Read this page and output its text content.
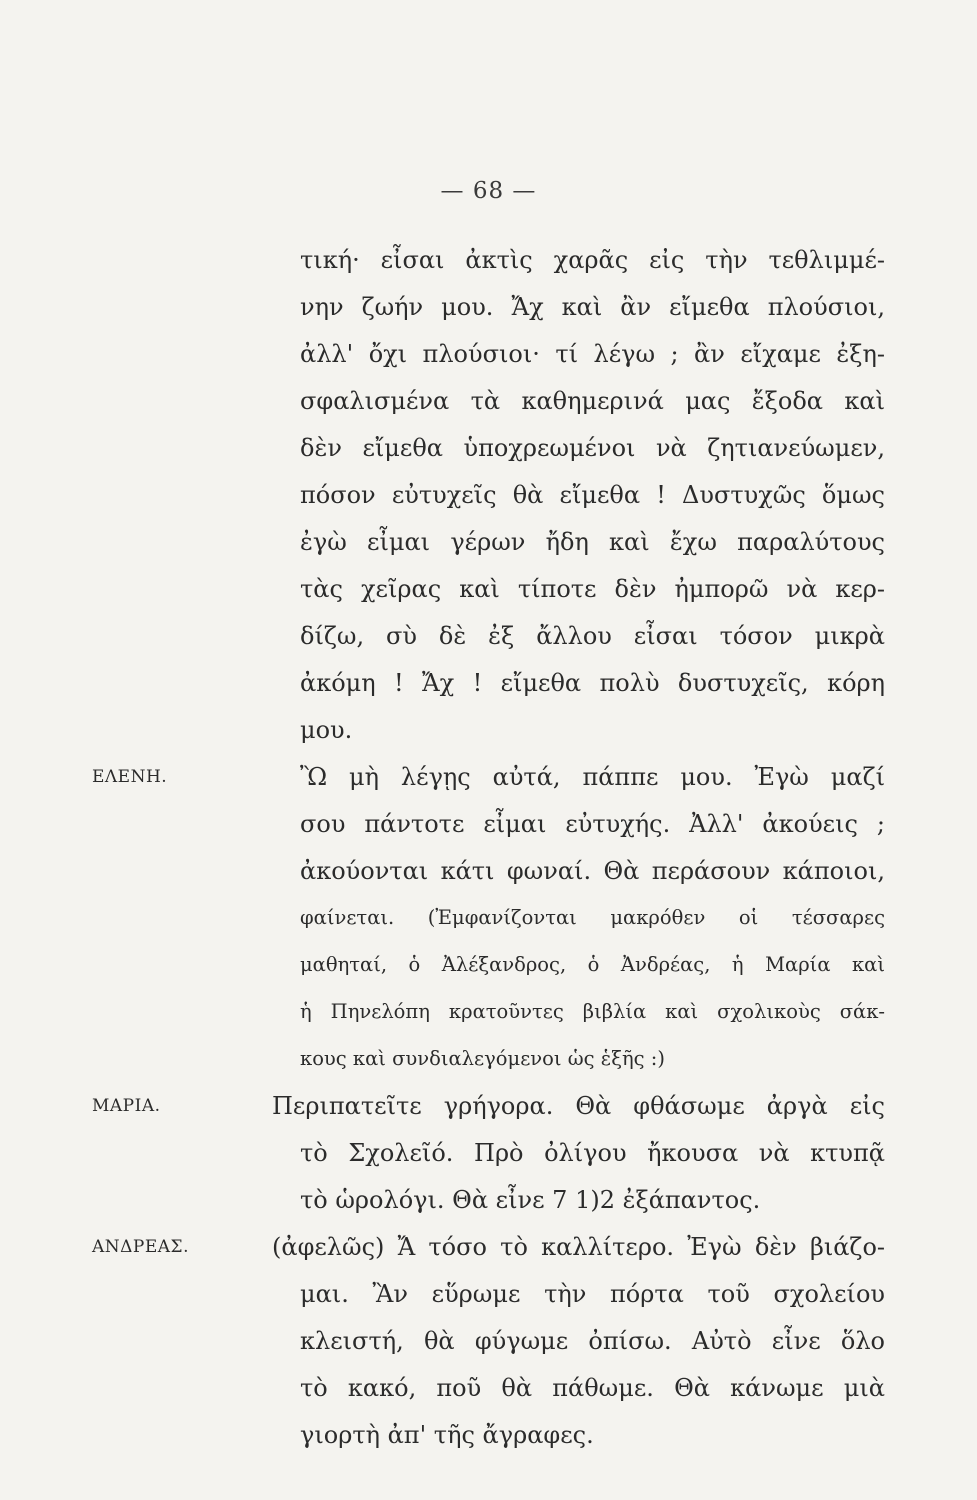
— 68 —
τική· εἶσαι ἀκτὶς χαρᾶς εἰς τὴν τεθλιμμέ-
νην ζωήν μου. Ἄχ καὶ ἂν εἴμεθα πλούσιοι,
ἀλλ' ὄχι πλούσιοι· τί λέγω ; ἂν εἴχαμε ἐξη-
σφαλισμένα τὰ καθημερινά μας ἔξοδα καὶ
δὲν εἴμεθα ὑποχρεωμένοι νὰ ζητιανεύωμεν,
πόσον εὐτυχεῖς θὰ εἴμεθα ! Δυστυχῶς ὅμως
ἐγὼ εἶμαι γέρων ἤδη καὶ ἔχω παραλύτους
τὰς χεῖρας καὶ τίποτε δὲν ἠμπορῶ νὰ κερ-
δίζω, σὺ δὲ ἐξ ἄλλου εἶσαι τόσον μικρὰ
ἀκόμη ! Ἄχ ! εἴμεθα πολὺ δυστυχεῖς, κόρη
μου.
ΕΛΕΝΗ.	Ὢ μὴ λέγῃς αὐτά, πάππε μου. Ἐγὼ μαζί
σου πάντοτε εἶμαι εὐτυχής. Ἀλλ' ἀκούεις ;
ἀκούονται κάτι φωναί. Θὰ περάσουν κάποιοι,
φαίνεται. (Ἐμφανίζονται μακρόθεν οἱ τέσσαρες
μαθηταί, ὁ Ἀλέξανδρος, ὁ Ἀνδρέας, ἡ Μαρία καὶ
ἡ Πηνελόπη κρατοῦντες βιβλία καὶ σχολικοὺς σάκ-
κους καὶ συνδιαλεγόμενοι ὡς ἑξῆς :)
ΜΑΡΙΑ.	Περιπατεῖτε γρήγορα. Θὰ φθάσωμε ἀργὰ εἰς
τὸ Σχολεῖό. Πρὸ ὀλίγου ἤκουσα νὰ κτυπᾷ
τὸ ὡρολόγι. Θὰ εἶνε 7 1)2 ἐξάπαντος.
ΑΝΔΡΕΑΣ.	(ἀφελῶς) Ἄ τόσο τὸ καλλίτερο. Ἐγὼ δὲν βιάζο-
μαι. Ἂν εὕρωμε τὴν πόρτα τοῦ σχολείου
κλειστή, θὰ φύγωμε ὀπίσω. Αὐτὸ εἶνε ὅλο
τὸ κακό, ποῦ θὰ πάθωμε. Θὰ κάνωμε μιὰ
γιορτὴ ἀπ' τῆς ἄγραφες.
